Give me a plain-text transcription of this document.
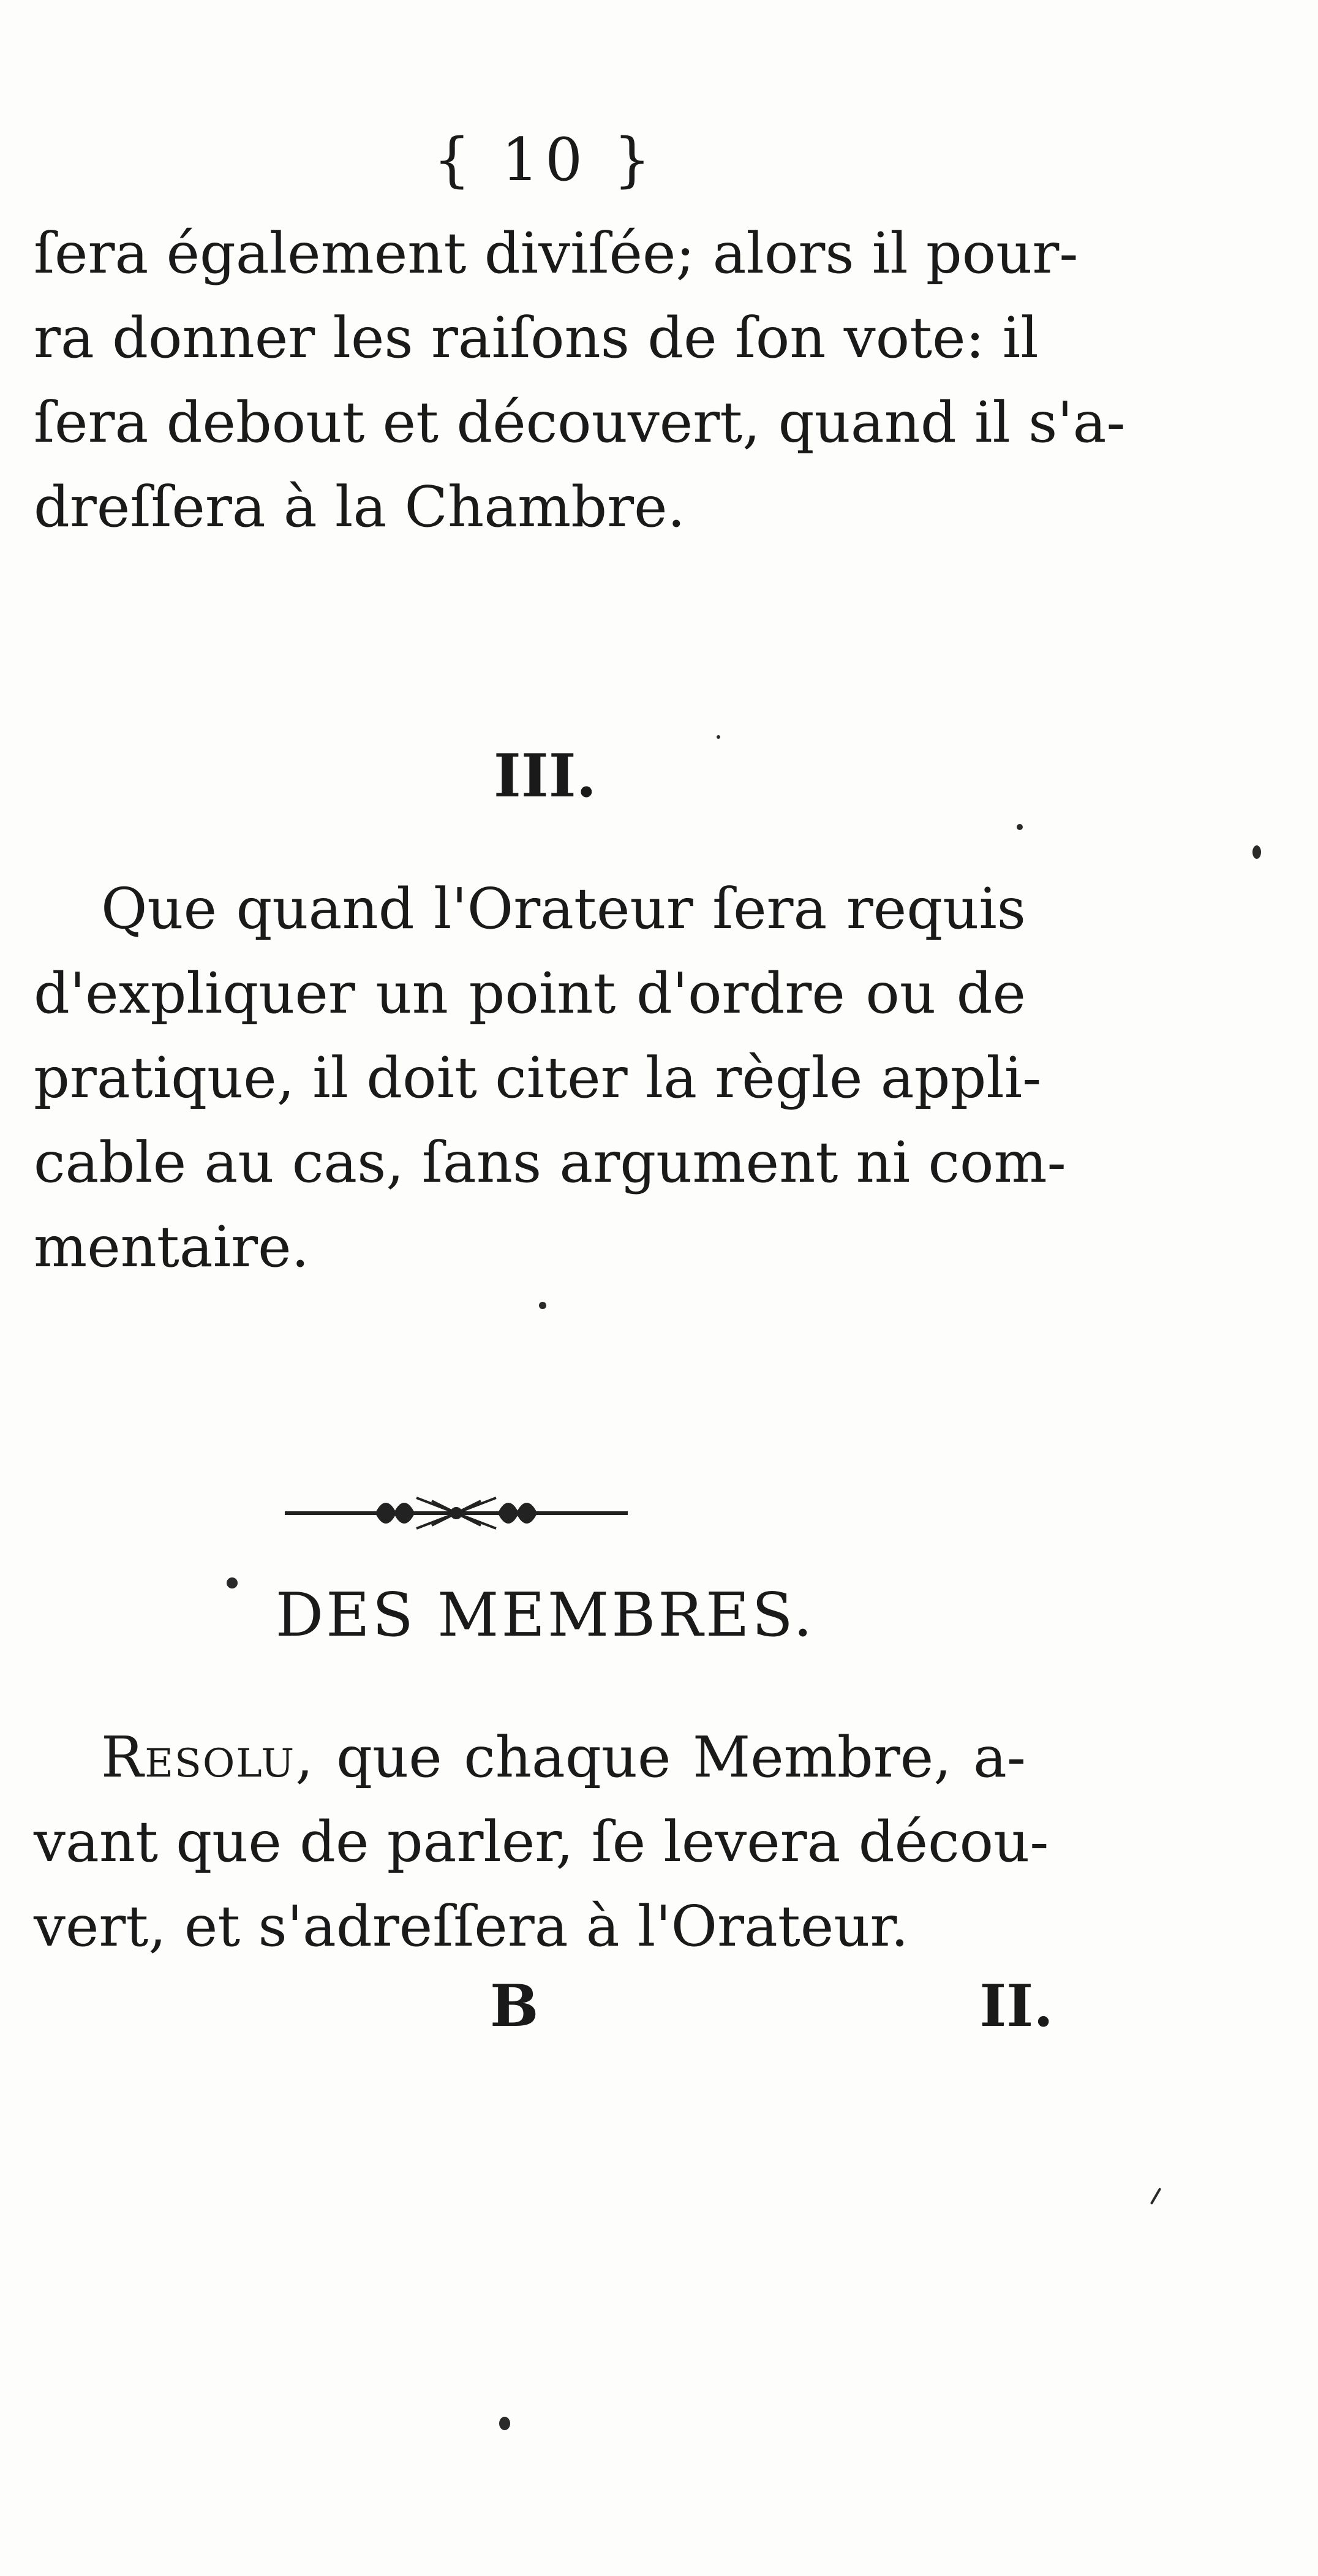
{ 10 }
ſera également diviſée; alors il pour-
ra donner les raiſons de ſon vote: il
ſera debout et découvert, quand il s'a-
dreſſera à la Chambre.
III.
Que quand l'Orateur ſera requis
d'expliquer un point d'ordre ou de
pratique, il doit citer la règle appli-
cable au cas, ſans argument ni com-
mentaire.
DES MEMBRES.
Resolu, que chaque Membre, a-
vant que de parler, ſe levera décou-
vert, et s'adreſſera à l'Orateur.
B	II.
